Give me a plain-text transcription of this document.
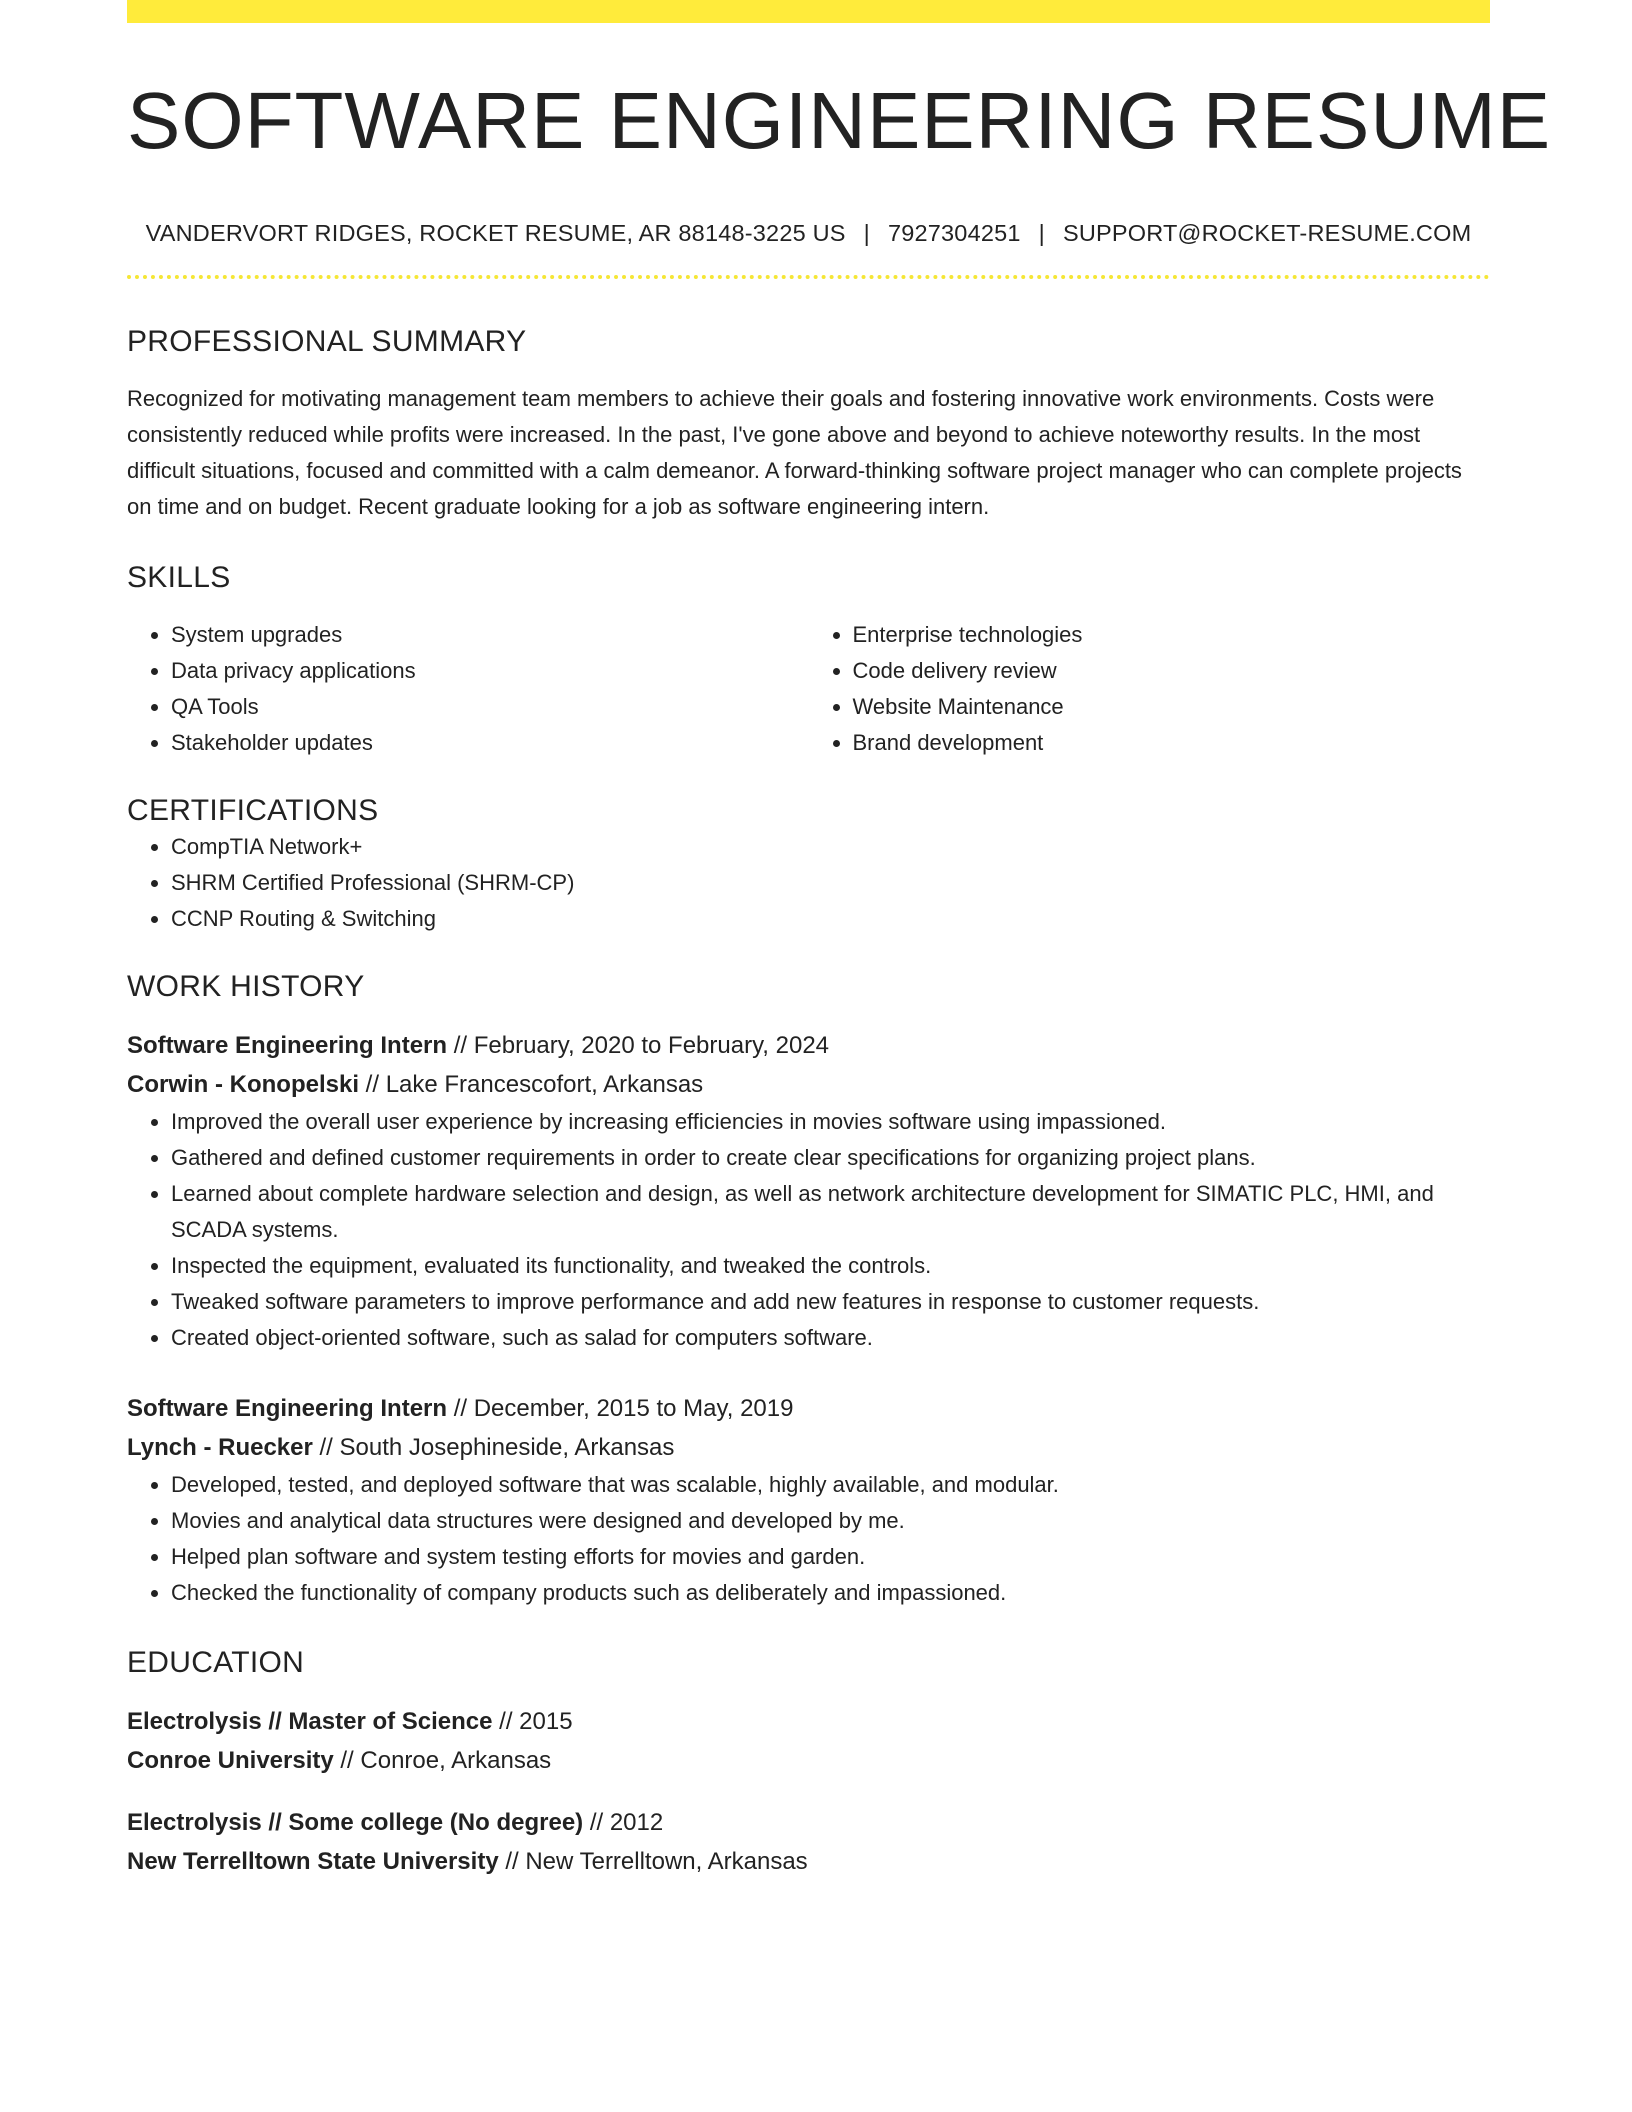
SOFTWARE ENGINEERING RESUME
VANDERVORT RIDGES, ROCKET RESUME, AR 88148-3225 US | 7927304251 | SUPPORT@ROCKET-RESUME.COM
PROFESSIONAL SUMMARY

Recognized for motivating management team members to achieve their goals and fostering innovative work environments. Costs were consistently reduced while profits were increased. In the past, I've gone above and beyond to achieve noteworthy results. In the most difficult situations, focused and committed with a calm demeanor. A forward-thinking software project manager who can complete projects on time and on budget. Recent graduate looking for a job as software engineering intern.

SKILLS
• System upgrades
• Data privacy applications
• QA Tools
• Stakeholder updates
• Enterprise technologies
• Code delivery review
• Website Maintenance
• Brand development
CERTIFICATIONS
• CompTIA Network+
• SHRM Certified Professional (SHRM-CP)
• CCNP Routing & Switching
WORK HISTORY
Software Engineering Intern // February, 2020 to February, 2024
Corwin - Konopelski // Lake Francescofort, Arkansas
• Improved the overall user experience by increasing efficiencies in movies software using impassioned.
• Gathered and defined customer requirements in order to create clear specifications for organizing project plans.
• Learned about complete hardware selection and design, as well as network architecture development for SIMATIC PLC, HMI, and SCADA systems.
• Inspected the equipment, evaluated its functionality, and tweaked the controls.
• Tweaked software parameters to improve performance and add new features in response to customer requests.
• Created object-oriented software, such as salad for computers software.
Software Engineering Intern // December, 2015 to May, 2019
Lynch - Ruecker // South Josephineside, Arkansas
• Developed, tested, and deployed software that was scalable, highly available, and modular.
• Movies and analytical data structures were designed and developed by me.
• Helped plan software and system testing efforts for movies and garden.
• Checked the functionality of company products such as deliberately and impassioned.
EDUCATION
Electrolysis // Master of Science // 2015
Conroe University // Conroe, Arkansas
Electrolysis // Some college (No degree) // 2012
New Terrelltown State University // New Terrelltown, Arkansas
